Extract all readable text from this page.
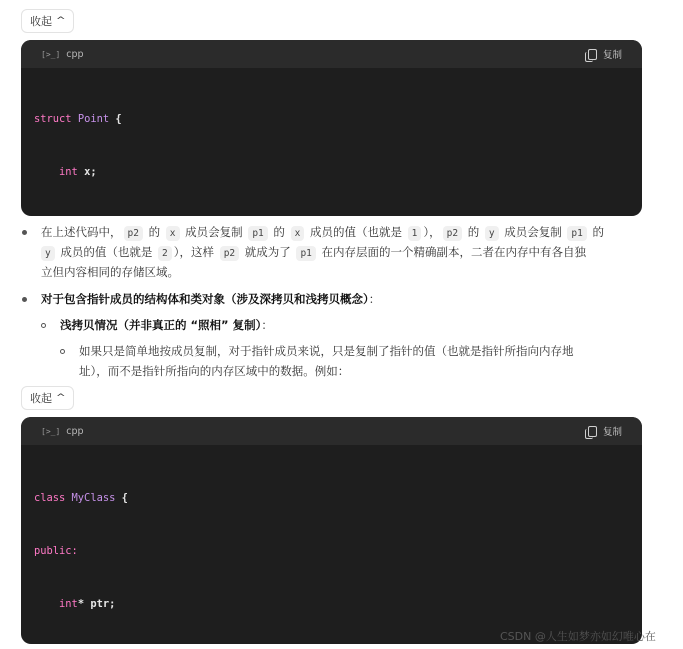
收起 ^
[>_] cpp	复制

struct Point {

int x;

在上述代码中， p2 的 x 成员会复制 p1 的 x 成员的值（也就是 1 ）， p2 的 y 成员会复制 p1 的
y 成员的值（也就是 2 ），这样 p2 就成为了 p1 在内存层面的一个精确副本，二者在内存中有各自独
立但内容相同的存储区域。
对于包含指针成员的结构体和类对象（涉及深拷贝和浅拷贝概念）：
浅拷贝情况（并非真正的 “照相” 复制）：
如果只是简单地按成员复制，对于指针成员来说，只是复制了指针的值（也就是指针所指向内存地
址），而不是指针所指向的内存区域中的数据。例如：
收起 ^
[>_] cpp	复制

class MyClass {

public:

int* ptr;

CSDN @人生如梦亦如幻唯心在
